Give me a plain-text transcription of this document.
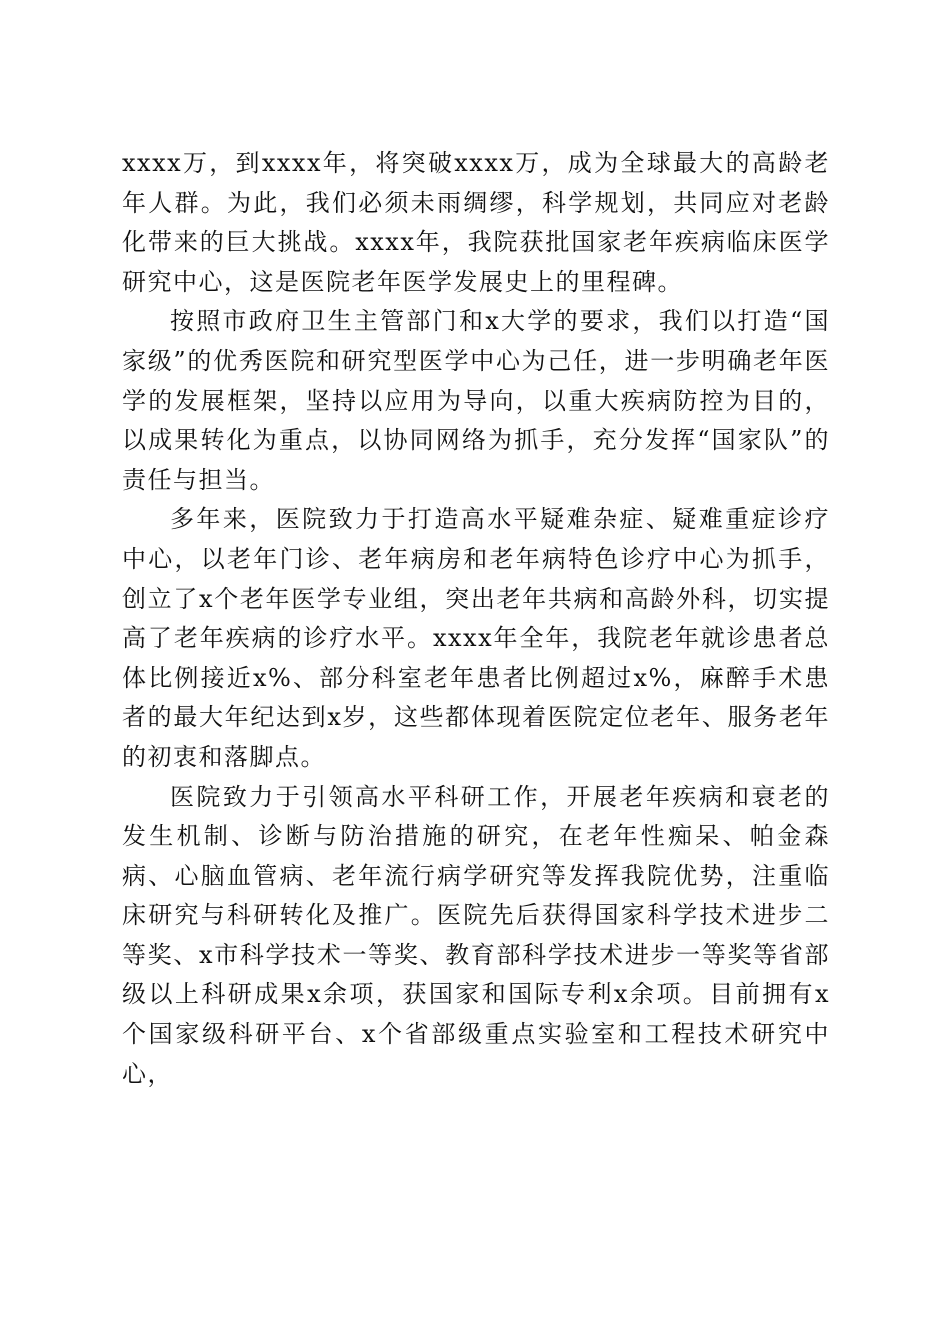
xxxx万，到xxxx年，将突破xxxx万，成为全球最大的高龄老年人群。为此，我们必须未雨绸缪，科学规划，共同应对老龄化带来的巨大挑战。xxxx年，我院获批国家老年疾病临床医学研究中心，这是医院老年医学发展史上的里程碑。

按照市政府卫生主管部门和x大学的要求，我们以打造“国家级”的优秀医院和研究型医学中心为己任，进一步明确老年医学的发展框架，坚持以应用为导向，以重大疾病防控为目的，以成果转化为重点，以协同网络为抓手，充分发挥“国家队”的责任与担当。

多年来，医院致力于打造高水平疑难杂症、疑难重症诊疗中心，以老年门诊、老年病房和老年病特色诊疗中心为抓手，创立了x个老年医学专业组，突出老年共病和高龄外科，切实提高了老年疾病的诊疗水平。xxxx年全年，我院老年就诊患者总体比例接近x%、部分科室老年患者比例超过x%，麻醉手术患者的最大年纪达到x岁，这些都体现着医院定位老年、服务老年的初衷和落脚点。

医院致力于引领高水平科研工作，开展老年疾病和衰老的发生机制、诊断与防治措施的研究，在老年性痴呆、帕金森病、心脑血管病、老年流行病学研究等发挥我院优势，注重临床研究与科研转化及推广。医院先后获得国家科学技术进步二等奖、x市科学技术一等奖、教育部科学技术进步一等奖等省部级以上科研成果x余项，获国家和国际专利x余项。目前拥有x个国家级科研平台、x个省部级重点实验室和工程技术研究中心，
